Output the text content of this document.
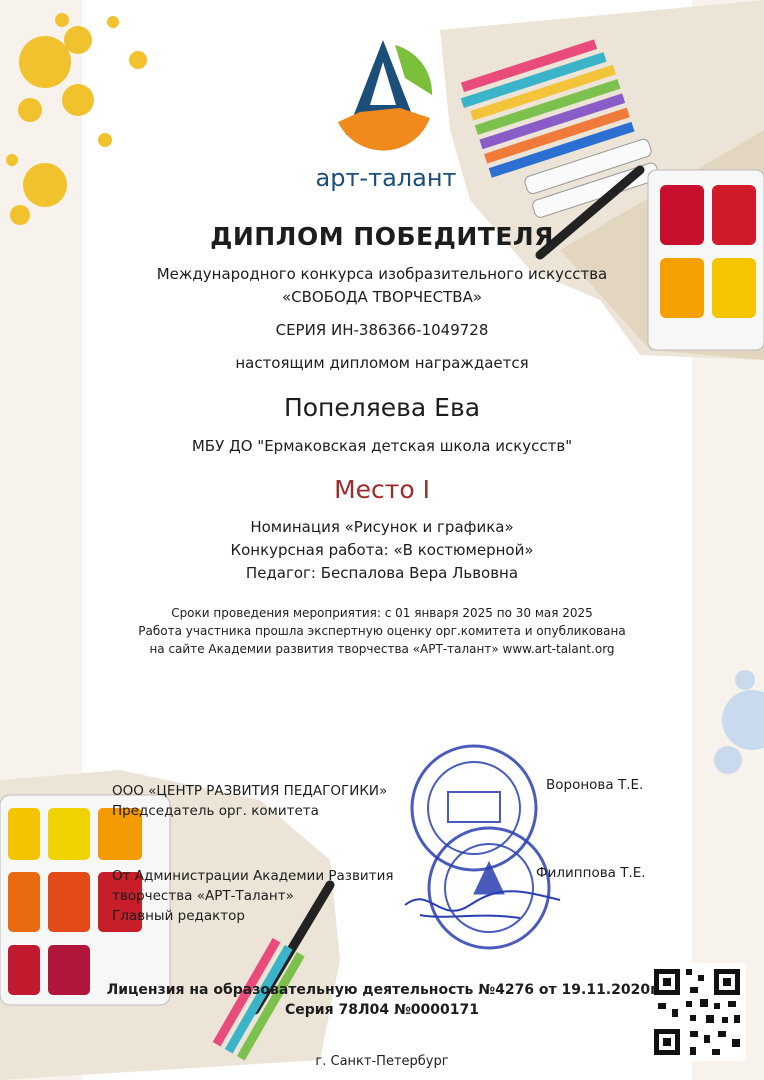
арт-талант
ДИПЛОМ ПОБЕДИТЕЛЯ
Международного конкурса изобразительного искусства
«СВОБОДА ТВОРЧЕСТВА»
СЕРИЯ ИН-386366-1049728
настоящим дипломом награждается
Попеляева Ева
МБУ ДО "Ермаковская детская школа искусств"
Место I
Номинация «Рисунок и графика»
Конкурсная работа: «В костюмерной»
Педагог: Беспалова Вера Львовна
Сроки проведения мероприятия: с 01 января 2025 по 30 мая 2025
Работа участника прошла экспертную оценку орг.комитета и опубликована
на сайте Академии развития творчества «АРТ-талант» www.art-talant.org
ООО «ЦЕНТР РАЗВИТИЯ ПЕДАГОГИКИ»
Председатель орг. комитета
Воронова Т.Е.
От Администрации Академии Развития
творчества «АРТ-Талант»
Главный редактор
Филиппова Т.Е.
Лицензия на образовательную деятельность №4276 от 19.11.2020г
Серия 78Л04 №0000171
г. Санкт-Петербург
